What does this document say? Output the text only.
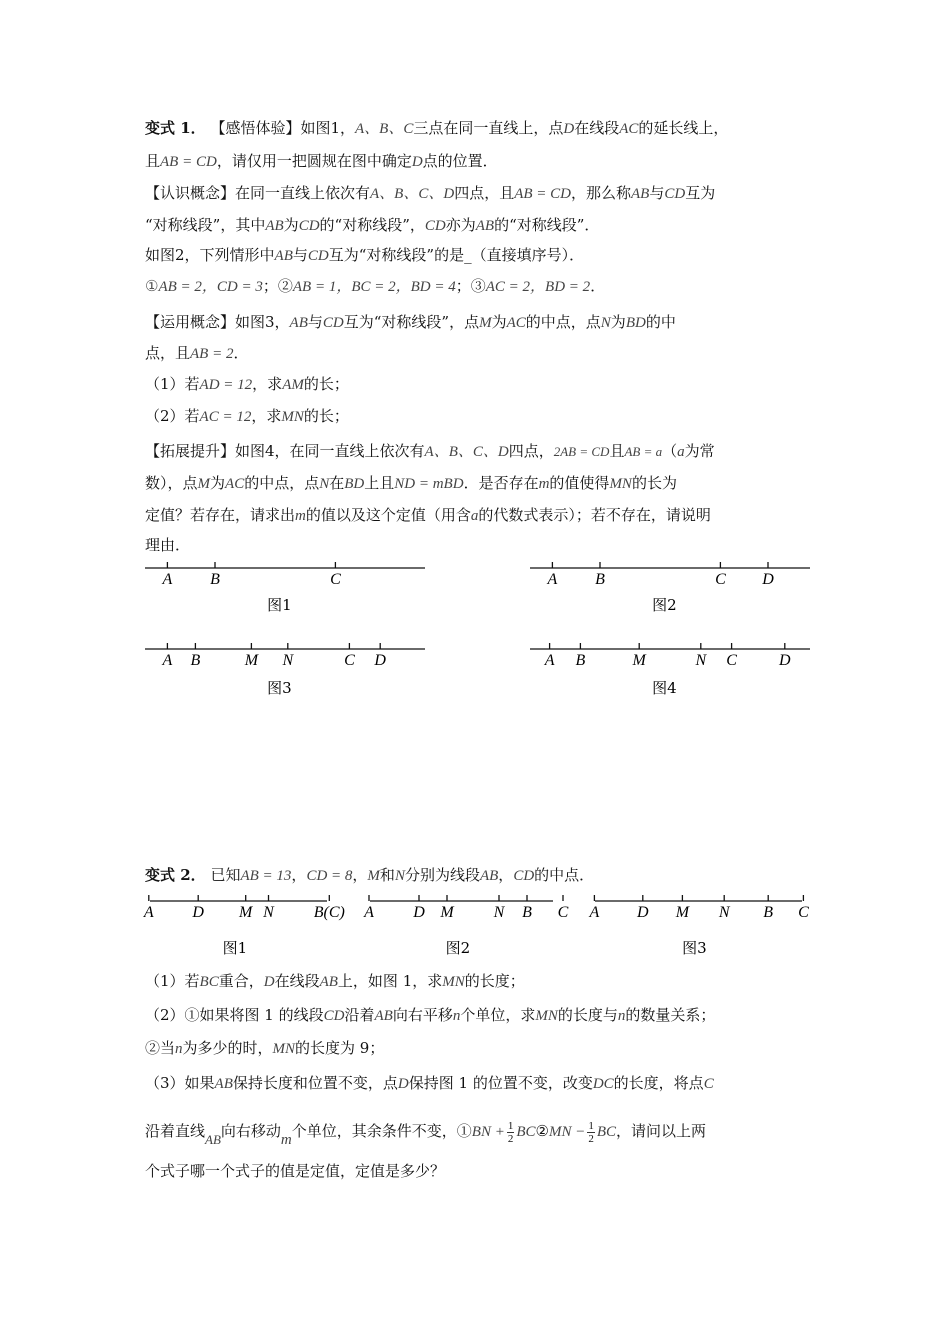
变式 1． 【感悟体验】如图1，A、B、C三点在同一直线上，点D在线段AC的延长线上，
且AB = CD，请仅用一把圆规在图中确定D点的位置．
【认识概念】在同一直线上依次有A、B、C、D四点，且AB = CD，那么称AB与CD互为
“对称线段”，其中AB为CD的“对称线段”，CD亦为AB的“对称线段”．
如图2，下列情形中AB与CD互为“对称线段”的是_（直接填序号）．
①AB = 2，CD = 3；②AB = 1，BC = 2，BD = 4；③AC = 2，BD = 2．
【运用概念】如图3，AB与CD互为“对称线段”，点M为AC的中点，点N为BD的中
点，且AB = 2．
（1）若AD = 12，求AM的长；
（2）若AC = 12，求MN的长；
【拓展提升】如图4，在同一直线上依次有A、B、C、D四点，2AB = CD且AB = a（a为常
数），点M为AC的中点，点N在BD上且ND = mBD．是否存在m的值使得MN的长为
定值？若存在，请求出m的值以及这个定值（用含a的代数式表示）；若不存在，请说明
理由．
A B	C
图1
A B	C D
图2
A B	M N	C D
图3
A B	M	N C	D
图4
变式 2． 已知AB = 13，CD = 8，M和N分别为线段AB，CD的中点．
A D M N B(C)
图1
A D M	N B C
图2
A D M N B C
图3
（1）若BC重合，D在线段AB上，如图 1，求MN的长度；
（2）①如果将图 1 的线段CD沿着AB向右平移n个单位，求MN的长度与n的数量关系；
②当n为多少的时，MN的长度为 9；
（3）如果AB保持长度和位置不变，点D保持图 1 的位置不变，改变DC的长度，将点C
沿着直线AB向右移动m个单位，其余条件不变，①BN + $\frac{1}{2}$ BC②MN − $\frac{1}{2}$ BC，请问以上两
个式子哪一个式子的值是定值，定值是多少？
